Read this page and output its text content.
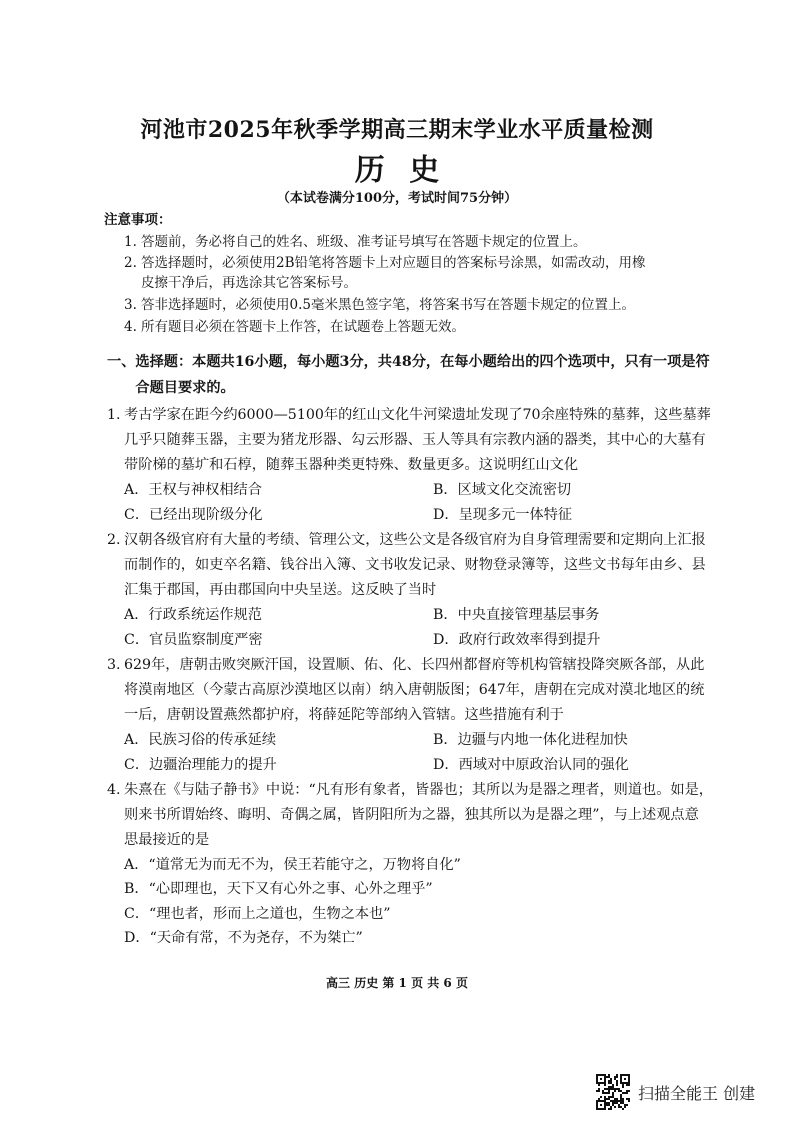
河池市2025年秋季学期高三期末学业水平质量检测
历 史
（本试卷满分100分，考试时间75分钟）
注意事项：
1. 答题前，务必将自己的姓名、班级、准考证号填写在答题卡规定的位置上。
2. 答选择题时，必须使用2B铅笔将答题卡上对应题目的答案标号涂黑，如需改动，用橡
皮擦干净后，再选涂其它答案标号。
3. 答非选择题时，必须使用0.5毫米黑色签字笔，将答案书写在答题卡规定的位置上。
4. 所有题目必须在答题卡上作答，在试题卷上答题无效。
一、选择题：本题共16小题，每小题3分，共48分，在每小题给出的四个选项中，只有一项是符
　　合题目要求的。
1. 考古学家在距今约6000—5100年的红山文化牛河梁遗址发现了70余座特殊的墓葬，这些墓葬
几乎只随葬玉器，主要为猪龙形器、勾云形器、玉人等具有宗教内涵的器类，其中心的大墓有
带阶梯的墓圹和石椁，随葬玉器种类更特殊、数量更多。这说明红山文化
A．王权与神权相结合	B．区域文化交流密切
C．已经出现阶级分化	D．呈现多元一体特征
2. 汉朝各级官府有大量的考绩、管理公文，这些公文是各级官府为自身管理需要和定期向上汇报
而制作的，如吏卒名籍、钱谷出入簿、文书收发记录、财物登录簿等，这些文书每年由乡、县
汇集于郡国，再由郡国向中央呈送。这反映了当时
A．行政系统运作规范	B．中央直接管理基层事务
C．官员监察制度严密	D．政府行政效率得到提升
3. 629年，唐朝击败突厥汗国，设置顺、佑、化、长四州都督府等机构管辖投降突厥各部，从此
将漠南地区（今蒙古高原沙漠地区以南）纳入唐朝版图；647年，唐朝在完成对漠北地区的统
一后，唐朝设置燕然都护府，将薛延陀等部纳入管辖。这些措施有利于
A．民族习俗的传承延续	B．边疆与内地一体化进程加快
C．边疆治理能力的提升	D．西域对中原政治认同的强化
4. 朱熹在《与陆子静书》中说：“凡有形有象者，皆器也；其所以为是器之理者，则道也。如是，
则来书所谓始终、晦明、奇偶之属，皆阴阳所为之器，独其所以为是器之理”，与上述观点意
思最接近的是
A．“道常无为而无不为，侯王若能守之，万物将自化”
B．“心即理也，天下又有心外之事、心外之理乎”
C．“理也者，形而上之道也，生物之本也”
D．“天命有常，不为尧存，不为桀亡”
高三 历史 第 1 页 共 6 页
扫描全能王 创建
